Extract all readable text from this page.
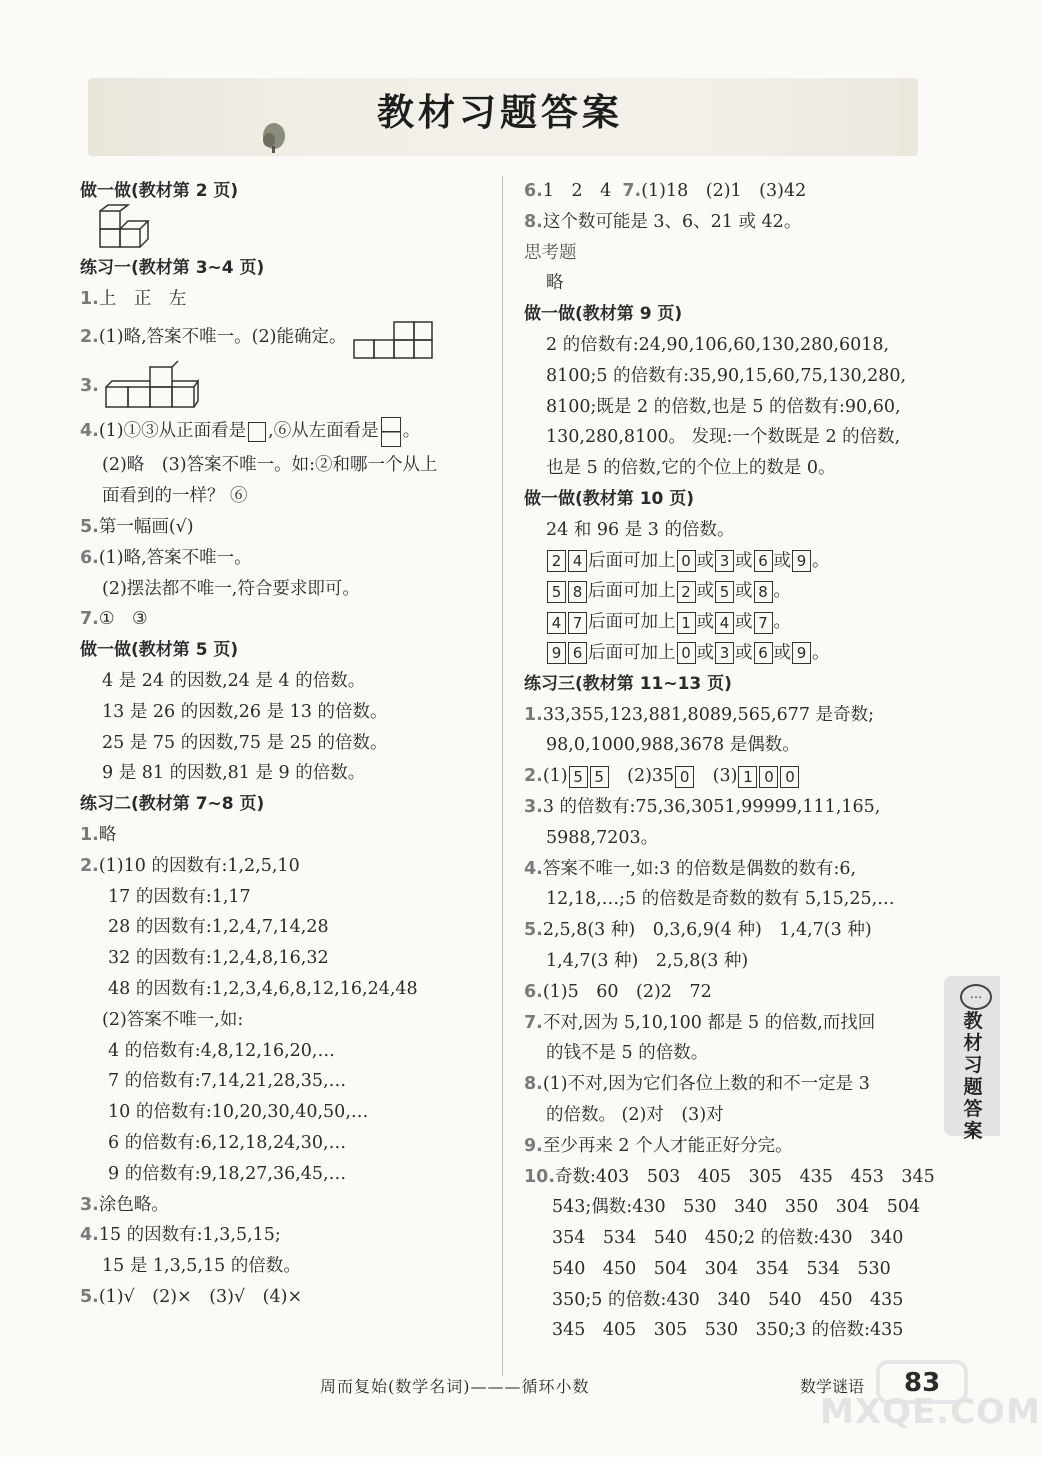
教材习题答案
做一做(教材第 2 页)
练习一(教材第 3~4 页)
1.上　正　左
2.(1)略,答案不唯一。(2)能确定。
3.
4.(1)①③从正面看是 ,⑥从左面看是 。
(2)略　(3)答案不唯一。如:②和哪一个从上
面看到的一样？ ⑥
5.第一幅画(√)
6.(1)略,答案不唯一。
(2)摆法都不唯一,符合要求即可。
7.①　③
做一做(教材第 5 页)
4 是 24 的因数,24 是 4 的倍数。
13 是 26 的因数,26 是 13 的倍数。
25 是 75 的因数,75 是 25 的倍数。
9 是 81 的因数,81 是 9 的倍数。
练习二(教材第 7~8 页)
1.略
2.(1)10 的因数有:1,2,5,10
17 的因数有:1,17
28 的因数有:1,2,4,7,14,28
32 的因数有:1,2,4,8,16,32
48 的因数有:1,2,3,4,6,8,12,16,24,48
(2)答案不唯一,如:
4 的倍数有:4,8,12,16,20,…
7 的倍数有:7,14,21,28,35,…
10 的倍数有:10,20,30,40,50,…
6 的倍数有:6,12,18,24,30,…
9 的倍数有:9,18,27,36,45,…
3.涂色略。
4.15 的因数有:1,3,5,15;
15 是 1,3,5,15 的倍数。
5.(1)√　(2)×　(3)√　(4)×
6.1　2　4 7.(1)18　(2)1　(3)42
8.这个数可能是 3、6、21 或 42。
思考题
略
做一做(教材第 9 页)
2 的倍数有:24,90,106,60,130,280,6018,
8100;5 的倍数有:35,90,15,60,75,130,280,
8100;既是 2 的倍数,也是 5 的倍数有:90,60,
130,280,8100。 发现:一个数既是 2 的倍数,
也是 5 的倍数,它的个位上的数是 0。
做一做(教材第 10 页)
24 和 96 是 3 的倍数。
2 4 后面可加上 0 或 3 或 6 或 9 。
5 8 后面可加上 2 或 5 或 8 。
4 7 后面可加上 1 或 4 或 7 。
9 6 后面可加上 0 或 3 或 6 或 9 。
练习三(教材第 11~13 页)
1.33,355,123,881,8089,565,677 是奇数;
98,0,1000,988,3678 是偶数。
2.(1) 5 5　(2)35 0　(3) 1 0 0
3.3 的倍数有:75,36,3051,99999,111,165,
5988,7203。
4.答案不唯一,如:3 的倍数是偶数的数有:6,
12,18,…;5 的倍数是奇数的数有 5,15,25,…
5.2,5,8(3 种)　0,3,6,9(4 种)　1,4,7(3 种)
1,4,7(3 种)　2,5,8(3 种)
6.(1)5　60　(2)2　72
7.不对,因为 5,10,100 都是 5 的倍数,而找回
的钱不是 5 的倍数。
8.(1)不对,因为它们各位上数的和不一定是 3
的倍数。 (2)对　(3)对
9.至少再来 2 个人才能正好分完。
10.奇数:403　503　405　305　435　453　345
543;偶数:430　530　340　350　304　504
354　534　540　450;2 的倍数:430　340
540　450　504　304　354　534　530
350;5 的倍数:430　340　540　450　435
345　405　305　530　350;3 的倍数:435
…
教材习题答案
周而复始(数学名词)———循环小数	数学谜语 83
MXQE.COM
